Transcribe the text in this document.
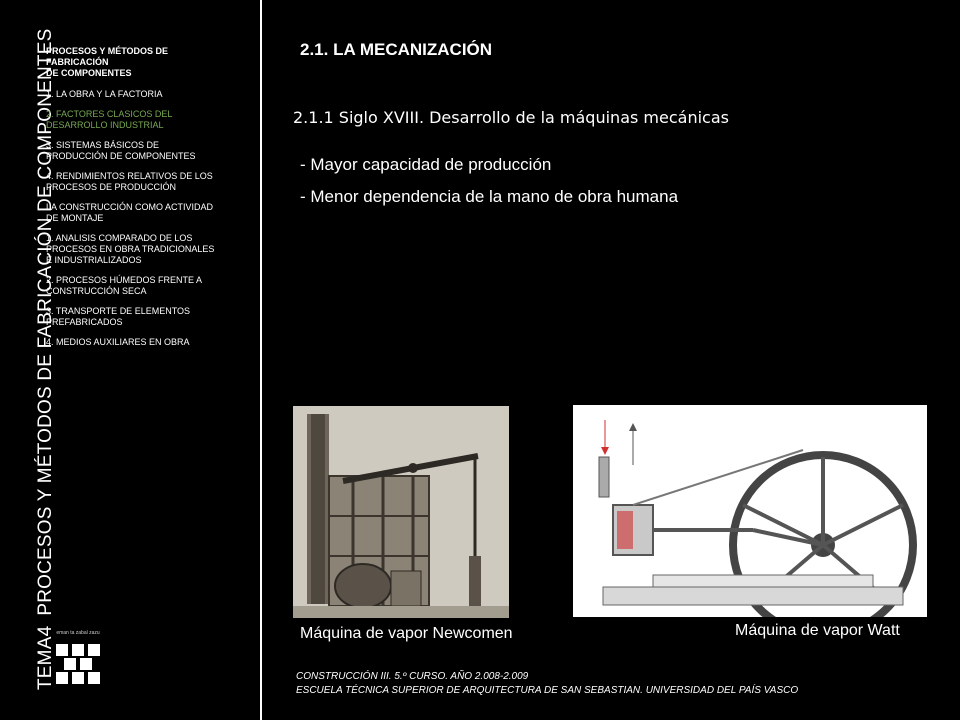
TEMA4PROCESOS Y MÉTODOS DE FABRICACIÓN DE COMPONENTES
PROCESOS Y MÉTODOS DE
FABRICACIÓN
DE COMPONENTES
1. LA OBRA Y LA FACTORIA
2. FACTORES CLASICOS DEL
DESARROLLO INDUSTRIAL
3. SISTEMAS BÁSICOS DE
PRODUCCIÓN DE COMPONENTES
4. RENDIMIENTOS RELATIVOS DE LOS
PROCESOS DE PRODUCCIÓN
LA CONSTRUCCIÓN COMO ACTIVIDAD
DE MONTAJE
1. ANALISIS COMPARADO DE LOS
PROCESOS EN OBRA TRADICIONALES
E INDUSTRIALIZADOS
2. PROCESOS HÚMEDOS FRENTE A
CONSTRUCCIÓN SECA
3. TRANSPORTE DE ELEMENTOS
PREFABRICADOS
4. MEDIOS AUXILIARES EN OBRA
2.1. LA MECANIZACIÓN
2.1.1 Siglo XVIII. Desarrollo de la máquinas mecánicas
- Mayor capacidad de producción
- Menor dependencia de la mano de obra humana
Máquina de vapor Newcomen	Máquina de vapor Watt
eman ta zabal zazu
CONSTRUCCIÓN III. 5.º CURSO. AÑO 2.008-2.009
ESCUELA TÉCNICA SUPERIOR DE ARQUITECTURA DE SAN SEBASTIAN. UNIVERSIDAD DEL PAÍS VASCO
